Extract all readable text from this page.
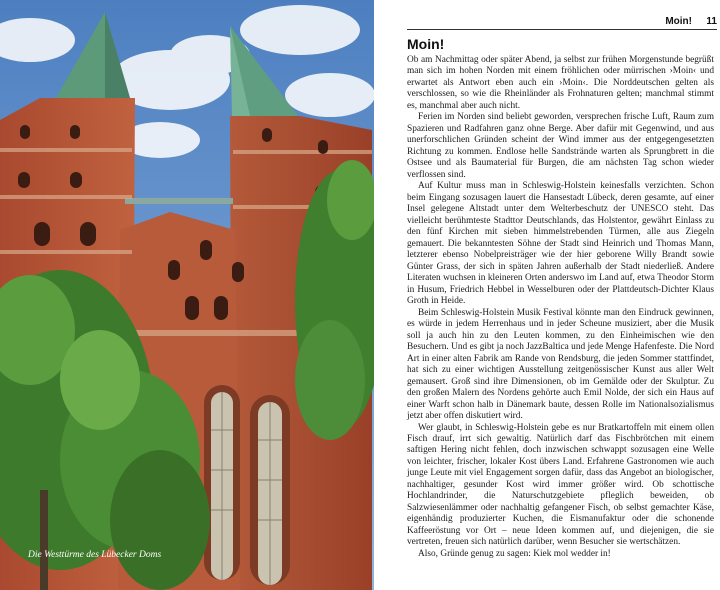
Die Westtürme des Lübecker Doms
Moin! 11
Moin!

Ob am Nachmittag oder später Abend, ja selbst zur frühen Morgenstunde begrüßt man sich im hohen Norden mit einem fröhlichen oder mürrischen ›Moin‹ und erwartet als Antwort eben auch ein ›Moin‹. Die Norddeutschen gelten als verschlossen, so wie die Rheinländer als Frohnaturen gelten; manchmal stimmt es, manchmal aber auch nicht.

Ferien im Norden sind beliebt geworden, versprechen frische Luft, Raum zum Spazieren und Radfahren ganz ohne Berge. Aber dafür mit Gegenwind, und aus unerforschlichen Gründen scheint der Wind immer aus der entgegengesetzten Richtung zu kommen. Endlose helle Sandstrände warten als Sprungbrett in die Ostsee und als Baumaterial für Burgen, die am nächsten Tag schon wieder verflossen sind.

Auf Kultur muss man in Schleswig-Holstein keinesfalls verzichten. Schon beim Eingang sozusagen lauert die Hansestadt Lübeck, deren gesamte, auf einer Insel gelegene Altstadt unter dem Welterbeschutz der UNESCO steht. Das vielleicht berühmteste Stadttor Deutschlands, das Holstentor, gewährt Einlass zu den fünf Kirchen mit sieben himmelstrebenden Türmen, alle aus Ziegeln gemauert. Die bekanntesten Söhne der Stadt sind Heinrich und Thomas Mann, letzterer ebenso Nobelpreisträger wie der hier geborene Willy Brandt sowie Günter Grass, der sich in späten Jahren außerhalb der Stadt niederließ. Andere Literaten wuchsen in kleineren Orten anderswo im Land auf, etwa Theodor Storm in Husum, Friedrich Hebbel in Wesselburen oder der Plattdeutsch-Dichter Klaus Groth in Heide.

Beim Schleswig-Holstein Musik Festival könnte man den Eindruck gewinnen, es würde in jedem Herrenhaus und in jeder Scheune musiziert, aber die Musik soll ja auch hin zu den Leuten kommen, zu den Einheimischen wie den Besuchern. Und es gibt ja noch JazzBaltica und jede Menge Hafenfeste. Die Nord Art in einer alten Fabrik am Rande von Rendsburg, die jeden Sommer stattfindet, hat sich zu einer wichtigen Ausstellung zeitgenössischer Kunst aus aller Welt gemausert. Groß sind ihre Dimensionen, ob im Gemälde oder der Skulptur. Zu den großen Malern des Nordens gehörte auch Emil Nolde, der sich ein Haus auf einer Warft schon halb in Dänemark baute, dessen Rolle im Nationalsozialismus jetzt aber offen diskutiert wird.

Wer glaubt, in Schleswig-Holstein gebe es nur Bratkartoffeln mit einem ollen Fisch drauf, irrt sich gewaltig. Natürlich darf das Fischbrötchen mit einem saftigen Hering nicht fehlen, doch inzwischen schwappt sozusagen eine Welle von leichter, frischer, lokaler Kost übers Land. Erfahrene Gastronomen wie auch junge Leute mit viel Engagement sorgen dafür, dass das Angebot an biologischer, nachhaltiger, gesunder Kost wird immer größer wird. Ob schottische Hochlandrinder, die Naturschutzgebiete pfleglich beweiden, ob Salzwiesenlämmer oder nachhaltig gefangener Fisch, ob selbst gemachter Käse, eigenhändig produzierter Kuchen, die Eismanufaktur oder die schonende Kaffeeröstung vor Ort – neue Ideen kommen auf, und diejenigen, die sie vertreten, freuen sich natürlich darüber, wenn Besucher sie wertschätzen.

Also, Gründe genug zu sagen: Kiek mol wedder in!
